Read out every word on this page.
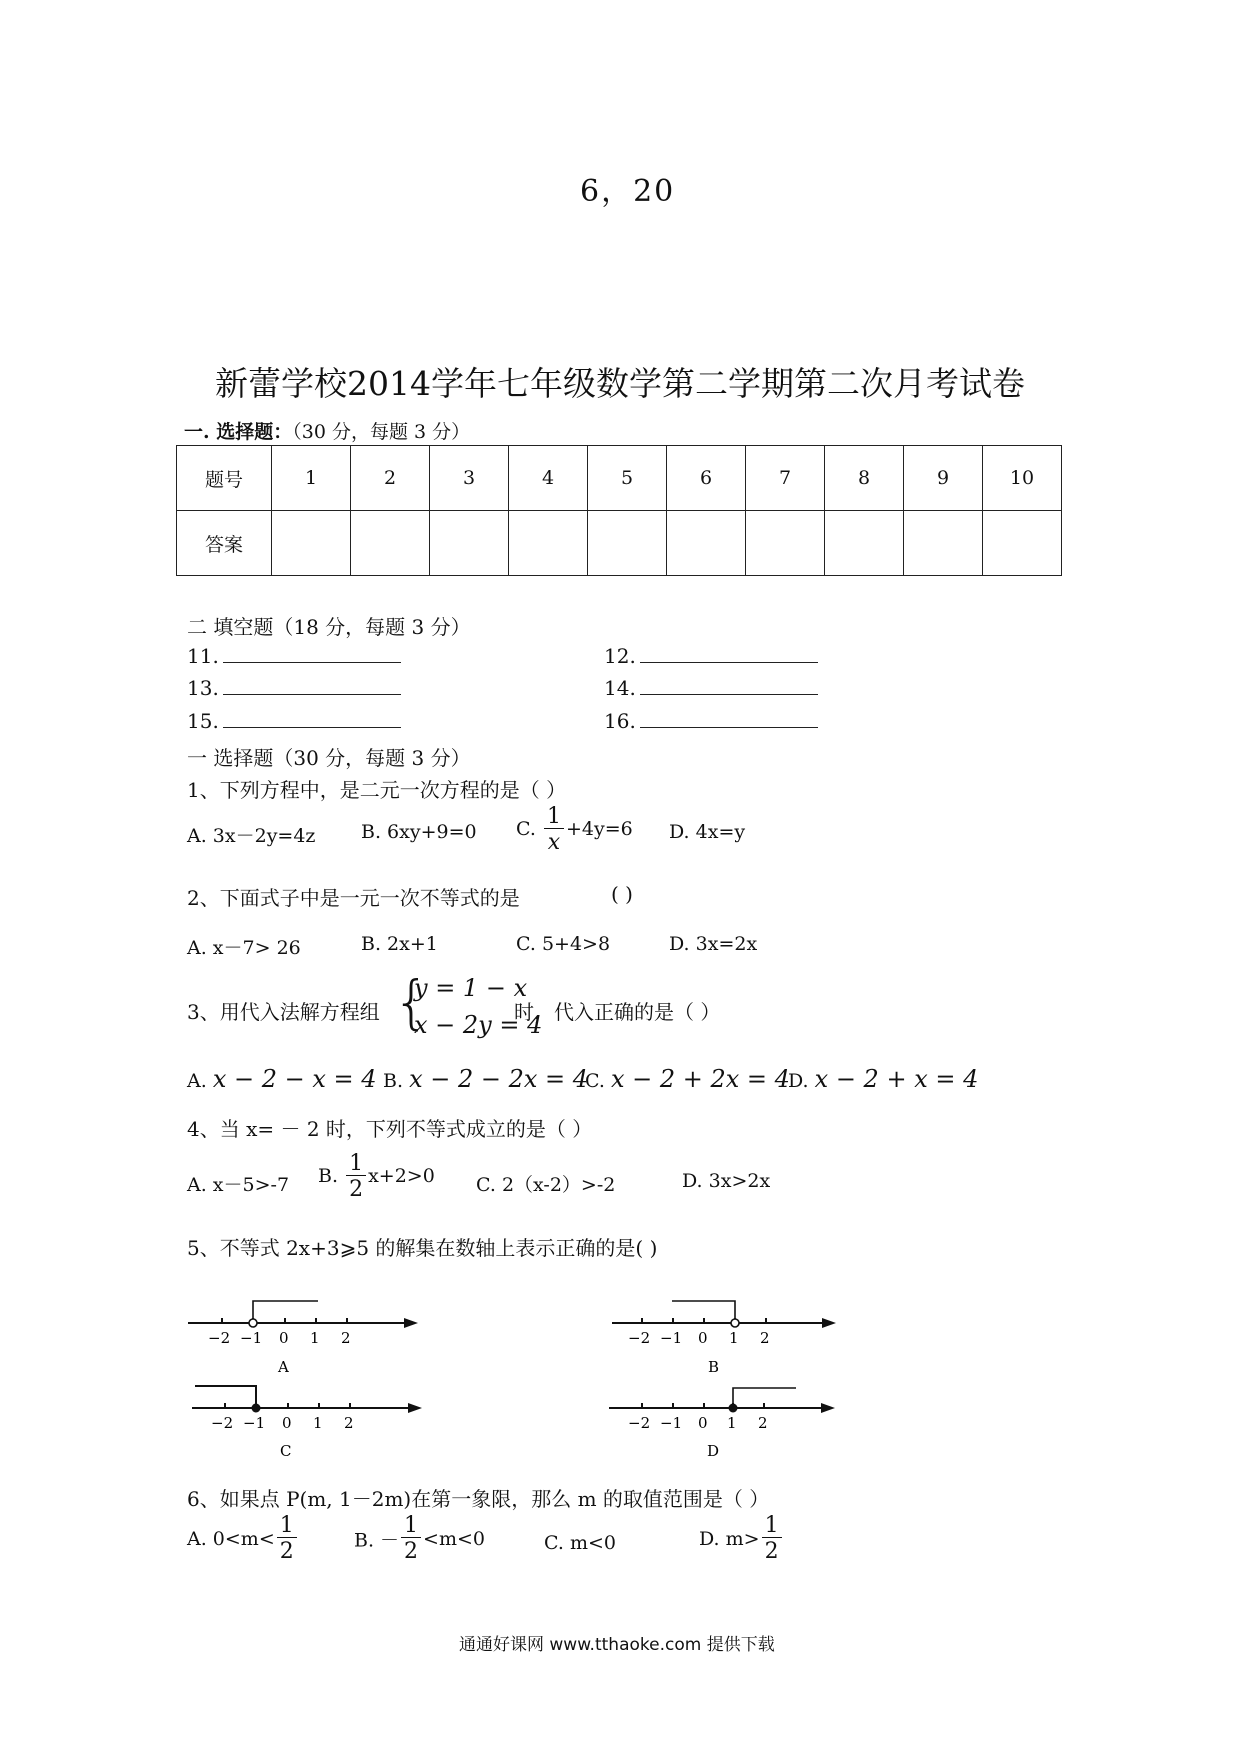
6，20
新蕾学校2014学年七年级数学第二学期第二次月考试卷
一. 选择题：（30 分，每题 3 分）
题号	1	2	3	4	5	6	7	8	9	10
答案										
二 填空题（18 分，每题 3 分）
11.	12.
13.	14.
15.	16.
一 选择题（30 分，每题 3 分）
1、下列方程中，是二元一次方程的是（ ）
A. 3x－2y=4z B. 6xy+9=0 C. $\frac{1}{x} +4y=6$ D. 4x=y
2、下面式子中是一元一次不等式的是	( )
A. x－7> 26	B. 2x+1	C. 5+4>8	D. 3x=2x
3、用代入法解方程组 {
y = 1 − x
x − 2y = 4
时，代入正确的是（ ）
A. x − 2 − x = 4 B. x − 2 − 2x = 4
C. x − 2 + 2x = 4
D. x − 2 + x = 4
4、当 x= － 2 时，下列不等式成立的是（ ）
A. x－5>-7 B. $\frac{1}{2} x+2>0$ C. 2（x-2）>-2	D. 3x>2x
5、不等式 2x+3⩾5 的解集在数轴上表示正确的是( )
−2 −1 0 1 2
A
−2 −1 0 1 2
B
−2 −1 0 1 2
C
−2 −1 0 1 2
D
6、如果点 P(m, 1－2m)在第一象限，那么 m 的取值范围是（ ）
A. $0<m< \frac{1}{2}$	B. － $\frac{1}{2} <m<0$	C. m<0	D. $m> \frac{1}{2}$
通通好课网 www.tthaoke.com 提供下载
